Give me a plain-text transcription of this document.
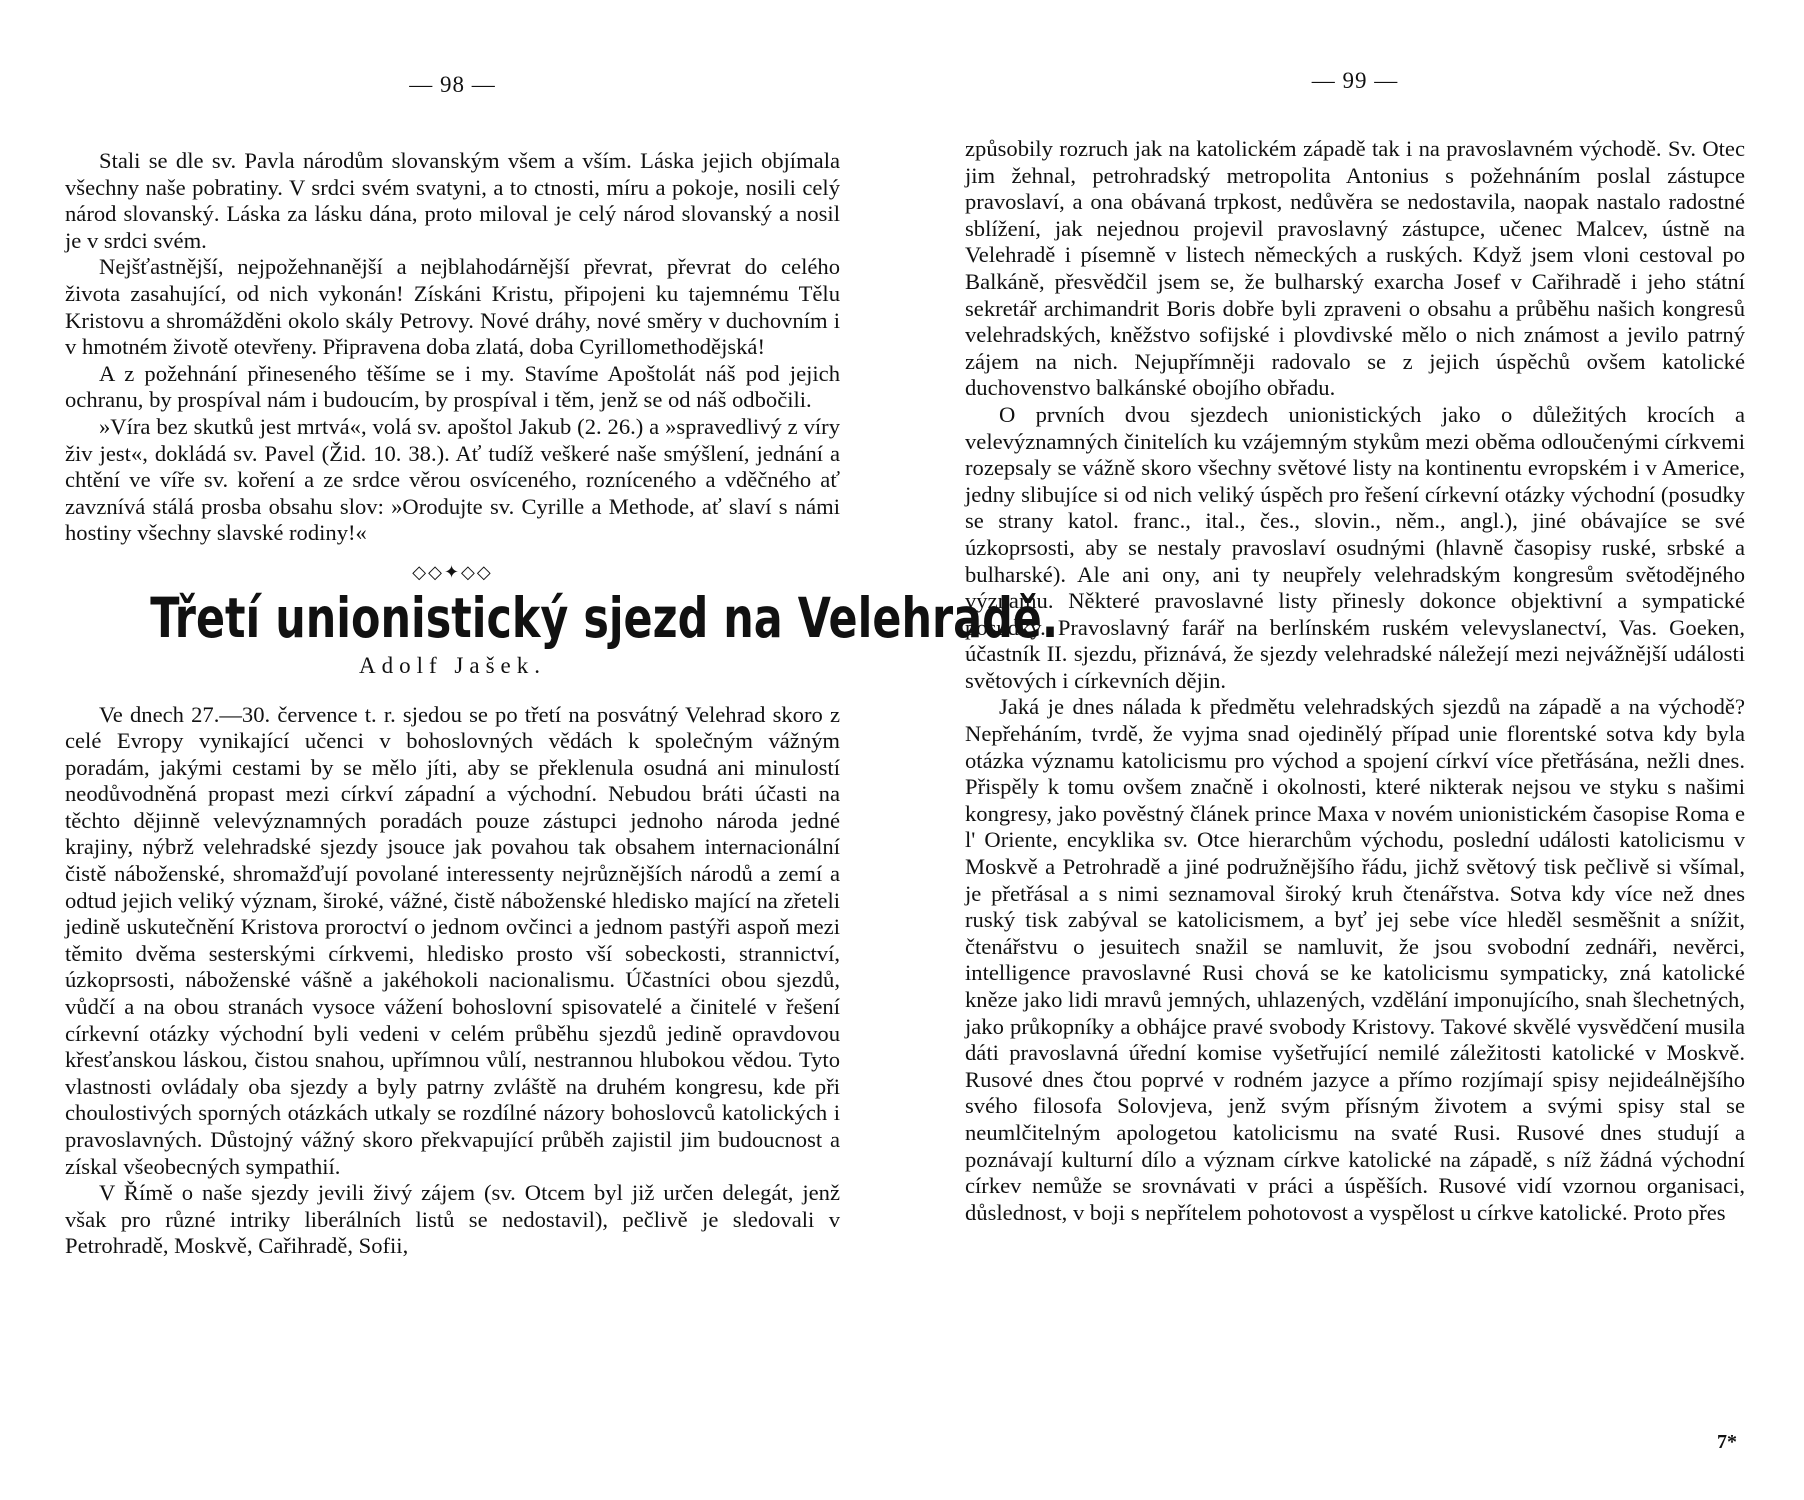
— 98 —

Stali se dle sv. Pavla národům slovanským všem a vším. Láska jejich objímala všechny naše pobratiny. V srdci svém svatyni, a to ctnosti, míru a pokoje, nosili celý národ slovanský. Láska za lásku dána, proto miloval je celý národ slovanský a nosil je v srdci svém.

Nejšťastnější, nejpožehnanější a nejblahodárnější převrat, převrat do celého života zasahující, od nich vykonán! Získáni Kristu, připojeni ku tajemnému Tělu Kristovu a shromážděni okolo skály Petrovy. Nové dráhy, nové směry v duchovním i v hmotném životě otevřeny. Připravena doba zlatá, doba Cyrillomethodějská!

A z požehnání přineseného těšíme se i my. Stavíme Apoštolát náš pod jejich ochranu, by prospíval nám i budoucím, by prospíval i těm, jenž se od náš odbočili.

»Víra bez skutků jest mrtvá«, volá sv. apoštol Jakub (2. 26.) a »spravedlivý z víry živ jest«, dokládá sv. Pavel (Žid. 10. 38.). Ať tudíž veškeré naše smýšlení, jednání a chtění ve víře sv. koření a ze srdce věrou osvíceného, rozníceného a vděčného ať zavznívá stálá prosba obsahu slov: »Orodujte sv. Cyrille a Methode, ať slaví s námi hostiny všechny slavské rodiny!«

◇◇✦◇◇
Třetí unionistický sjezd na Velehradě.
Adolf Jašek.

Ve dnech 27.—30. července t. r. sjedou se po třetí na posvátný Velehrad skoro z celé Evropy vynikající učenci v bohoslovných vědách k společným vážným poradám, jakými cestami by se mělo jíti, aby se překlenula osudná ani minulostí neodůvodněná propast mezi církví západní a východní. Nebudou bráti účasti na těchto dějinně velevýznamných poradách pouze zástupci jednoho národa jedné krajiny, nýbrž velehradské sjezdy jsouce jak povahou tak obsahem internacionální čistě náboženské, shromažďují povolané interessenty nejrůznějších národů a zemí a odtud jejich veliký význam, široké, vážné, čistě náboženské hledisko mající na zřeteli jedině uskutečnění Kristova proroctví o jednom ovčinci a jednom pastýři aspoň mezi těmito dvěma sesterskými církvemi, hledisko prosto vší sobeckosti, strannictví, úzkoprsosti, náboženské vášně a jakéhokoli nacionalismu. Účastníci obou sjezdů, vůdčí a na obou stranách vysoce vážení bohoslovní spisovatelé a činitelé v řešení církevní otázky východní byli vedeni v celém průběhu sjezdů jedině opravdovou křesťanskou láskou, čistou snahou, upřímnou vůlí, nestrannou hlubokou vědou. Tyto vlastnosti ovládaly oba sjezdy a byly patrny zvláště na druhém kongresu, kde při choulostivých sporných otázkách utkaly se rozdílné názory bohoslovců katolických i pravoslavných. Důstojný vážný skoro překvapující průběh zajistil jim budoucnost a získal všeobecných sympathií.

V Římě o naše sjezdy jevili živý zájem (sv. Otcem byl již určen delegát, jenž však pro různé intriky liberálních listů se nedostavil), pečlivě je sledovali v Petrohradě, Moskvě, Cařihradě, Sofii,

— 99 —

způsobily rozruch jak na katolickém západě tak i na pravoslavném východě. Sv. Otec jim žehnal, petrohradský metropolita Antonius s požehnáním poslal zástupce pravoslaví, a ona obávaná trpkost, nedůvěra se nedostavila, naopak nastalo radostné sblížení, jak nejednou projevil pravoslavný zástupce, učenec Malcev, ústně na Velehradě i písemně v listech německých a ruských. Když jsem vloni cestoval po Balkáně, přesvědčil jsem se, že bulharský exarcha Josef v Cařihradě i jeho státní sekretář archimandrit Boris dobře byli zpraveni o obsahu a průběhu našich kongresů velehradských, kněžstvo sofijské i plovdivské mělo o nich známost a jevilo patrný zájem na nich. Nejupřímněji radovalo se z jejich úspěchů ovšem katolické duchovenstvo balkánské obojího obřadu.

O prvních dvou sjezdech unionistických jako o důležitých krocích a velevýznamných činitelích ku vzájemným stykům mezi oběma odloučenými církvemi rozepsaly se vážně skoro všechny světové listy na kontinentu evropském i v Americe, jedny slibujíce si od nich veliký úspěch pro řešení církevní otázky východní (posudky se strany katol. franc., ital., čes., slovin., něm., angl.), jiné obávajíce se své úzkoprsosti, aby se nestaly pravoslaví osudnými (hlavně časopisy ruské, srbské a bulharské). Ale ani ony, ani ty neupřely velehradským kongresům světodějného významu. Některé pravoslavné listy přinesly dokonce objektivní a sympatické posudky. Pravoslavný farář na berlínském ruském velevyslanectví, Vas. Goeken, účastník II. sjezdu, přiznává, že sjezdy velehradské náležejí mezi nejvážnější události světových i církevních dějin.

Jaká je dnes nálada k předmětu velehradských sjezdů na západě a na východě? Nepřeháním, tvrdě, že vyjma snad ojedinělý případ unie florentské sotva kdy byla otázka významu katolicismu pro východ a spojení církví více přetřásána, nežli dnes. Přispěly k tomu ovšem značně i okolnosti, které nikterak nejsou ve styku s našimi kongresy, jako pověstný článek prince Maxa v novém unionistickém časopise Roma e l' Oriente, encyklika sv. Otce hierarchům východu, poslední události katolicismu v Moskvě a Petrohradě a jiné podružnějšího řádu, jichž světový tisk pečlivě si všímal, je přetřásal a s nimi seznamoval široký kruh čtenářstva. Sotva kdy více než dnes ruský tisk zabýval se katolicismem, a byť jej sebe více hleděl sesměšnit a snížit, čtenářstvu o jesuitech snažil se namluvit, že jsou svobodní zednáři, nevěrci, intelligence pravoslavné Rusi chová se ke katolicismu sympaticky, zná katolické kněze jako lidi mravů jemných, uhlazených, vzdělání imponujícího, snah šlechetných, jako průkopníky a obhájce pravé svobody Kristovy. Takové skvělé vysvědčení musila dáti pravoslavná úřední komise vyšetřující nemilé záležitosti katolické v Moskvě. Rusové dnes čtou poprvé v rodném jazyce a přímo rozjímají spisy nejideálnějšího svého filosofa Solovjeva, jenž svým přísným životem a svými spisy stal se neumlčitelným apologetou katolicismu na svaté Rusi. Rusové dnes studují a poznávají kulturní dílo a význam církve katolické na západě, s níž žádná východní církev nemůže se srovnávati v práci a úspěších. Rusové vidí vzornou organisaci, důslednost, v boji s nepřítelem pohotovost a vyspělost u církve katolické. Proto přes

7*
